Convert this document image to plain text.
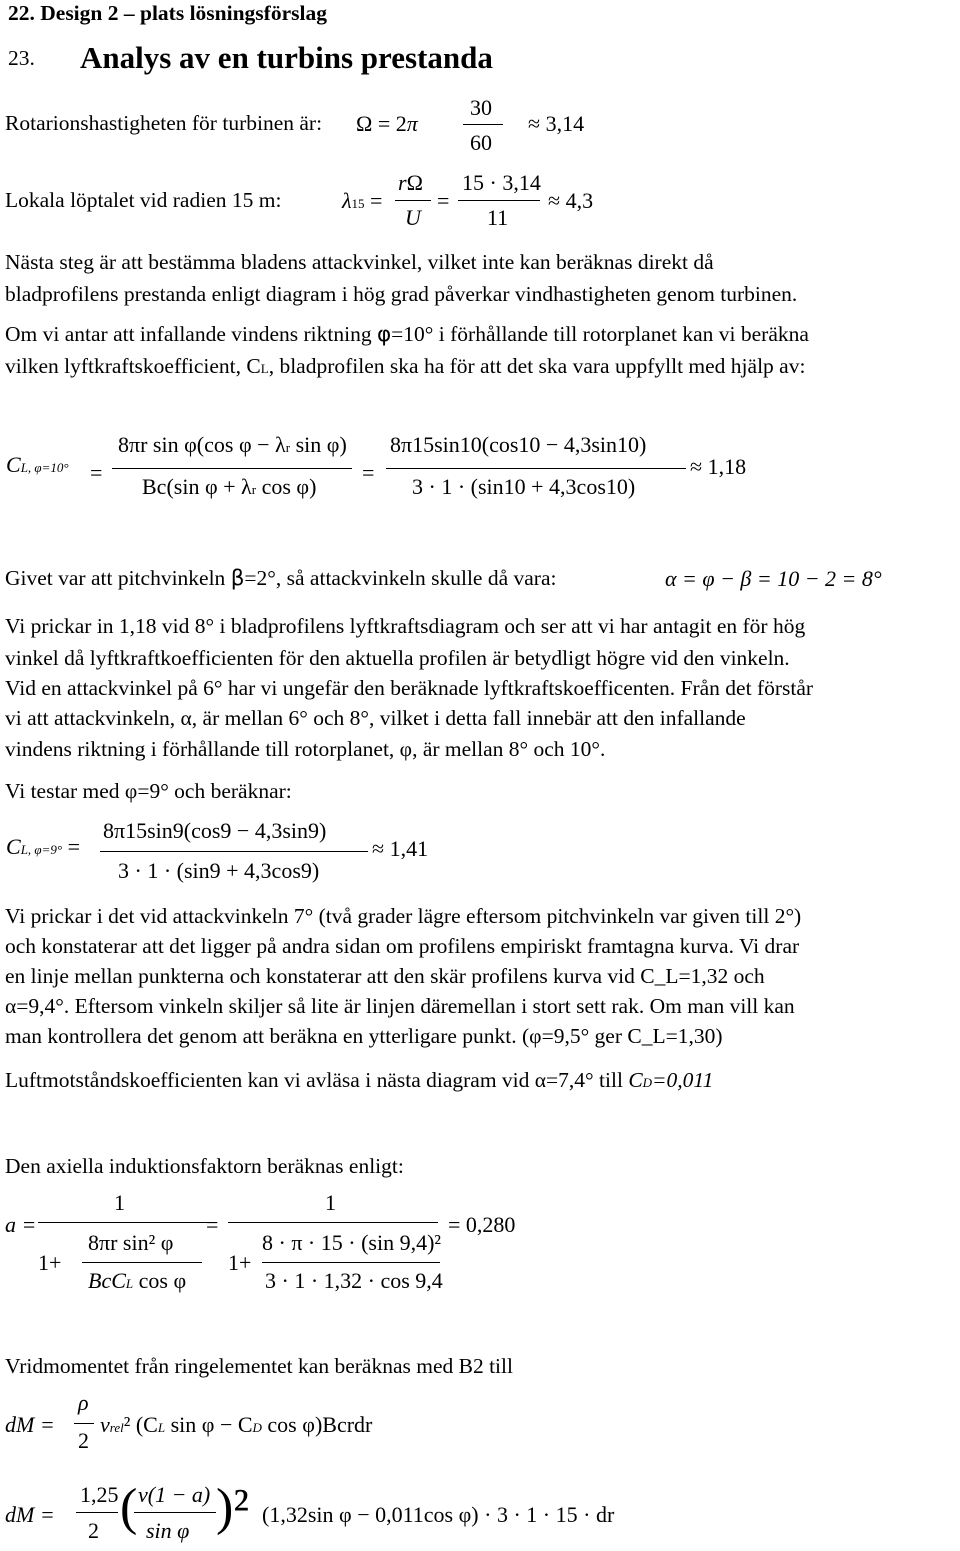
22. Design 2 – plats lösningsförslag
23. Analys av en turbins prestanda
Rotarionshastigheten för turbinen är: Ω = 2π
30
60
≈ 3,14
Lokala löptalet vid radien 15 m:	λ15 =
rΩ
U
=
15 · 3,14
11
≈ 4,3
Nästa steg är att bestämma bladens attackvinkel, vilket inte kan beräknas direkt då
bladprofilens prestanda enligt diagram i hög grad påverkar vindhastigheten genom turbinen.
Om vi antar att infallande vindens riktning φ=10° i förhållande till rotorplanet kan vi beräkna
vilken lyftkraftskoefficient, CL, bladprofilen ska ha för att det ska vara uppfyllt med hjälp av:
CL, φ=10° =
8πr sin φ(cos φ − λr sin φ)
Bc(sin φ + λr cos φ)
=
8π15sin10(cos10 − 4,3sin10)
3 · 1 · (sin10 + 4,3cos10)
≈ 1,18
Givet var att pitchvinkeln β=2°, så attackvinkeln skulle då vara:	α = φ − β = 10 − 2 = 8°
Vi prickar in 1,18 vid 8° i bladprofilens lyftkraftsdiagram och ser att vi har antagit en för hög
vinkel då lyftkraftkoefficienten för den aktuella profilen är betydligt högre vid den vinkeln.
Vid en attackvinkel på 6° har vi ungefär den beräknade lyftkraftskoefficenten. Från det förstår
vi att attackvinkeln, α, är mellan 6° och 8°, vilket i detta fall innebär att den infallande
vindens riktning i förhållande till rotorplanet, φ, är mellan 8° och 10°.
Vi testar med φ=9° och beräknar:
CL, φ=9° =
8π15sin9(cos9 − 4,3sin9)
3 · 1 · (sin9 + 4,3cos9)
≈ 1,41
Vi prickar i det vid attackvinkeln 7° (två grader lägre eftersom pitchvinkeln var given till 2°)
och konstaterar att det ligger på andra sidan om profilens empiriskt framtagna kurva. Vi drar
en linje mellan punkterna och konstaterar att den skär profilens kurva vid C_L=1,32 och
α=9,4°. Eftersom vinkeln skiljer så lite är linjen däremellan i stort sett rak. Om man vill kan
man kontrollera det genom att beräkna en ytterligare punkt. (φ=9,5° ger C_L=1,30)
Luftmotståndskoefficienten kan vi avläsa i nästa diagram vid α=7,4° till CD=0,011
Den axiella induktionsfaktorn beräknas enligt:
a =
1
1+
8πr sin² φ
BcCL cos φ
=
1
1+
8 · π · 15 · (sin 9,4)²
3 · 1 · 1,32 · cos 9,4
= 0,280
Vridmomentet från ringelementet kan beräknas med B2 till
dM =
ρ
2
vrel² (CL sin φ − CD cos φ)Bcrdr
dM =
1,25
2 ( v(1 − a)
sin φ )² (1,32sin φ − 0,011cos φ) · 3 · 1 · 15 · dr
